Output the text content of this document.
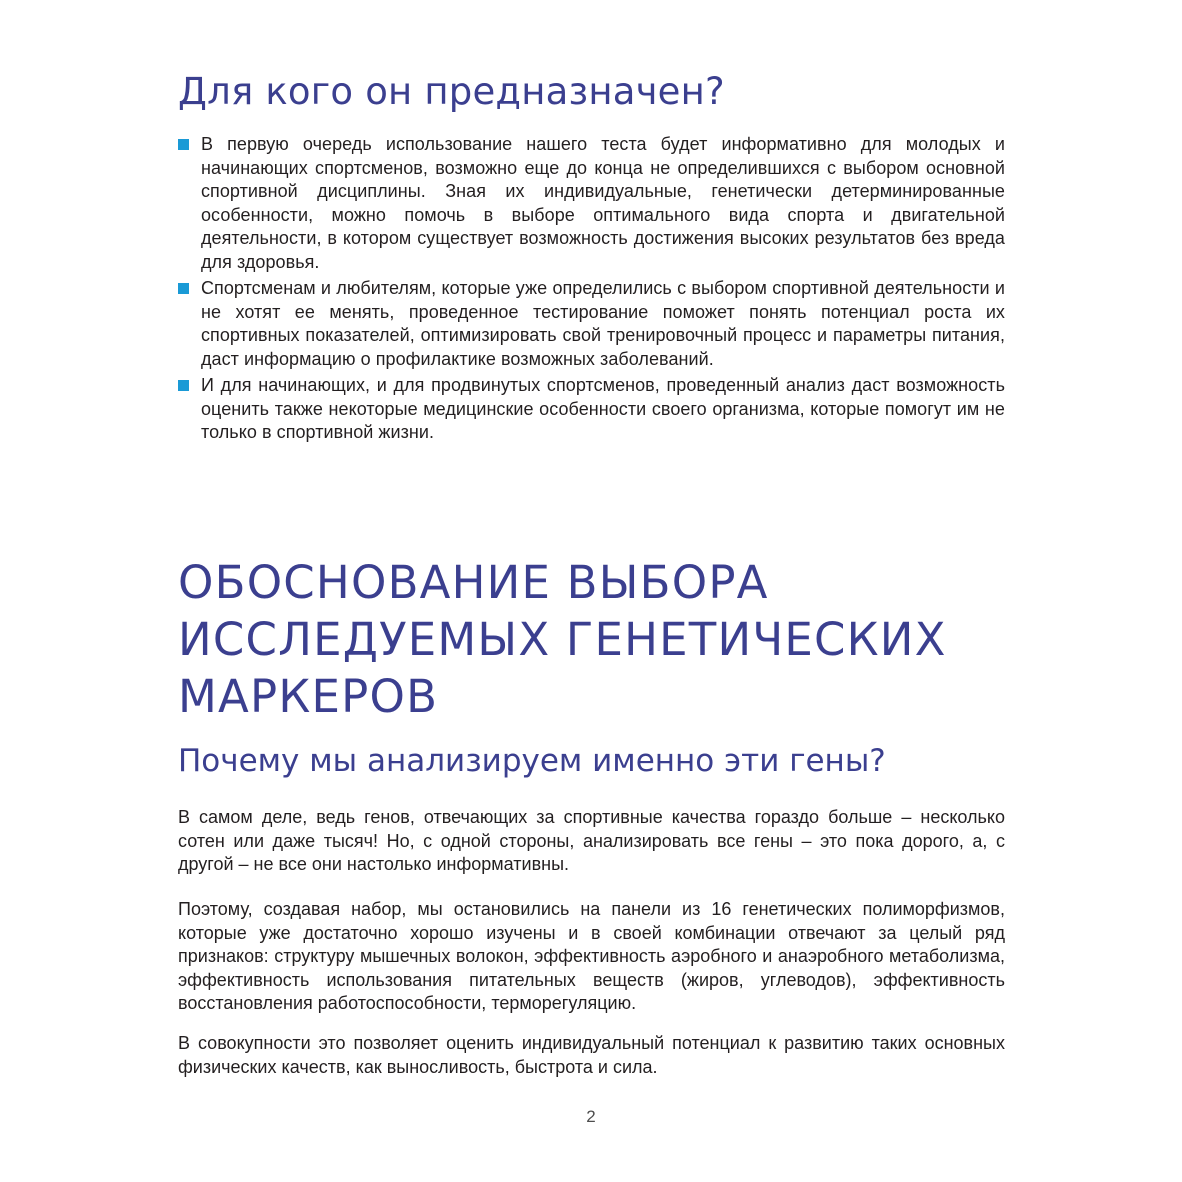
Для кого он предназначен?
В первую очередь использование нашего теста будет информативно для молодых и начинающих спортсменов, возможно еще до конца не определившихся с выбором основной спортивной дисциплины. Зная их индивидуальные, генетически детерминированные особенности, можно помочь в выборе оптимального вида спорта и двигательной деятельности, в котором существует возможность достижения высоких результатов без вреда для здоровья.
Спортсменам и любителям, которые уже определились с выбором спортивной деятельности и не хотят ее менять, проведенное тестирование поможет понять потенциал роста их спортивных показателей, оптимизировать свой тренировочный процесс и параметры питания, даст информацию о профилактике возможных заболеваний.
И для начинающих, и для продвинутых спортсменов, проведенный анализ даст возможность оценить также некоторые медицинские особенности своего организма, которые помогут им не только в спортивной жизни.
ОБОСНОВАНИЕ ВЫБОРА
ИССЛЕДУЕМЫХ ГЕНЕТИЧЕСКИХ
МАРКЕРОВ
Почему мы анализируем именно эти гены?

В самом деле, ведь генов, отвечающих за спортивные качества гораздо больше – несколько сотен или даже тысяч! Но, с одной стороны, анализировать все гены – это пока дорого, а, с другой – не все они настолько информативны.

Поэтому, создавая набор, мы остановились на панели из 16 генетических полиморфизмов, которые уже достаточно хорошо изучены и в своей комбинации отвечают за целый ряд признаков: структуру мышечных волокон, эффективность аэробного и анаэробного метаболизма, эффективность использования питательных веществ (жиров, углеводов), эффективность восстановления работоспособности, терморегуляцию.

В совокупности это позволяет оценить индивидуальный потенциал к развитию таких основных физических качеств, как выносливость, быстрота и сила.

2
